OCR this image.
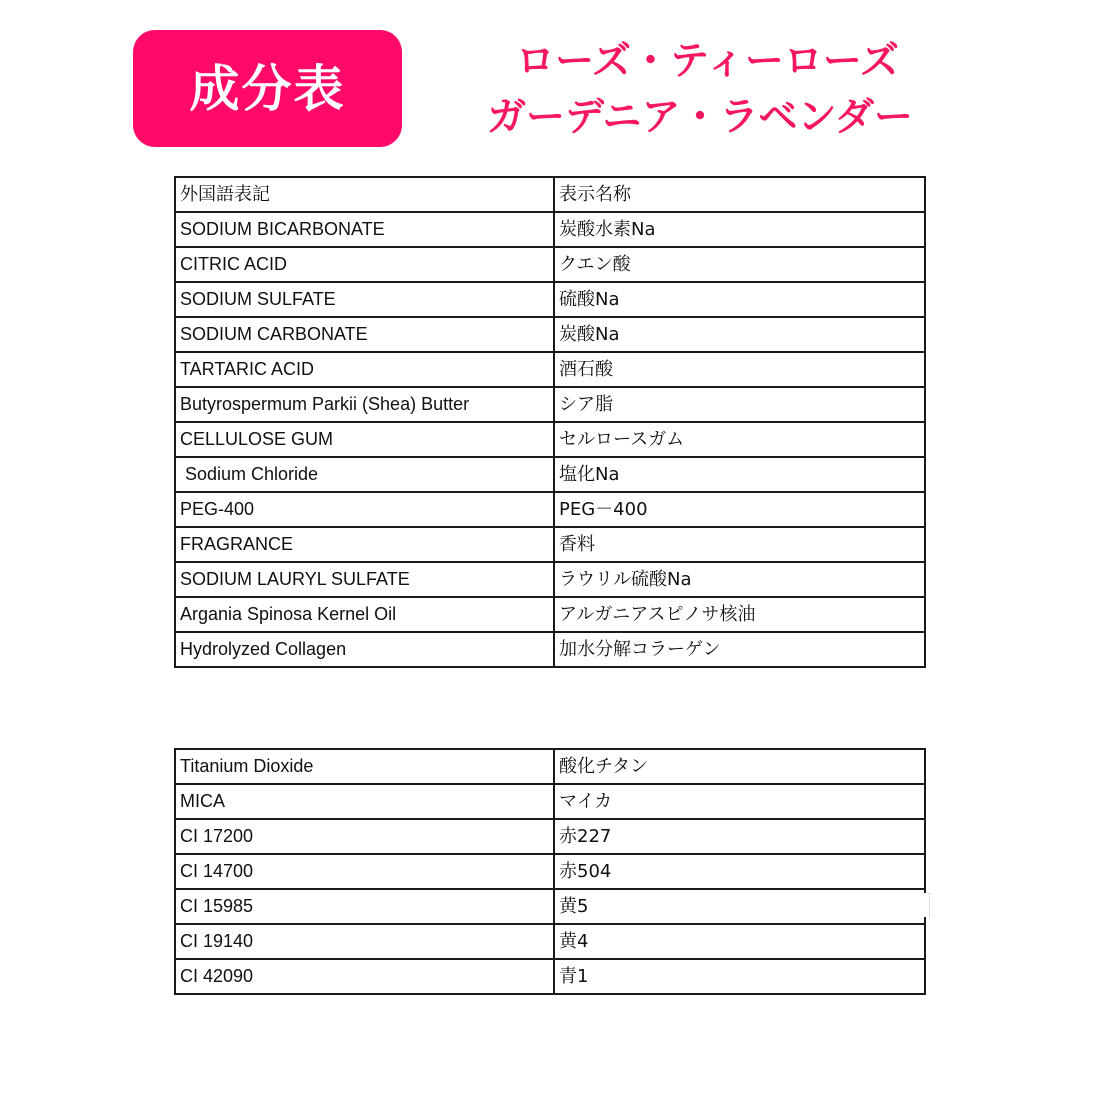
成分表	ローズ・ティーローズ
ガーデニア・ラベンダー
外国語表記	表示名称
SODIUM BICARBONATE	炭酸水素Na
CITRIC ACID	クエン酸
SODIUM SULFATE	硫酸Na
SODIUM CARBONATE	炭酸Na
TARTARIC ACID	酒石酸
Butyrospermum Parkii (Shea) Butter	シア脂
CELLULOSE GUM	セルロースガム
Sodium Chloride	塩化Na
PEG-400	PEG－400
FRAGRANCE	香料
SODIUM LAURYL SULFATE	ラウリル硫酸Na
Argania Spinosa Kernel Oil	アルガニアスピノサ核油
Hydrolyzed Collagen	加水分解コラーゲン
Titanium Dioxide	酸化チタン
MICA	マイカ
CI 17200	赤227
CI 14700	赤504
CI 15985	黄5
CI 19140	黄4
CI 42090	青1
